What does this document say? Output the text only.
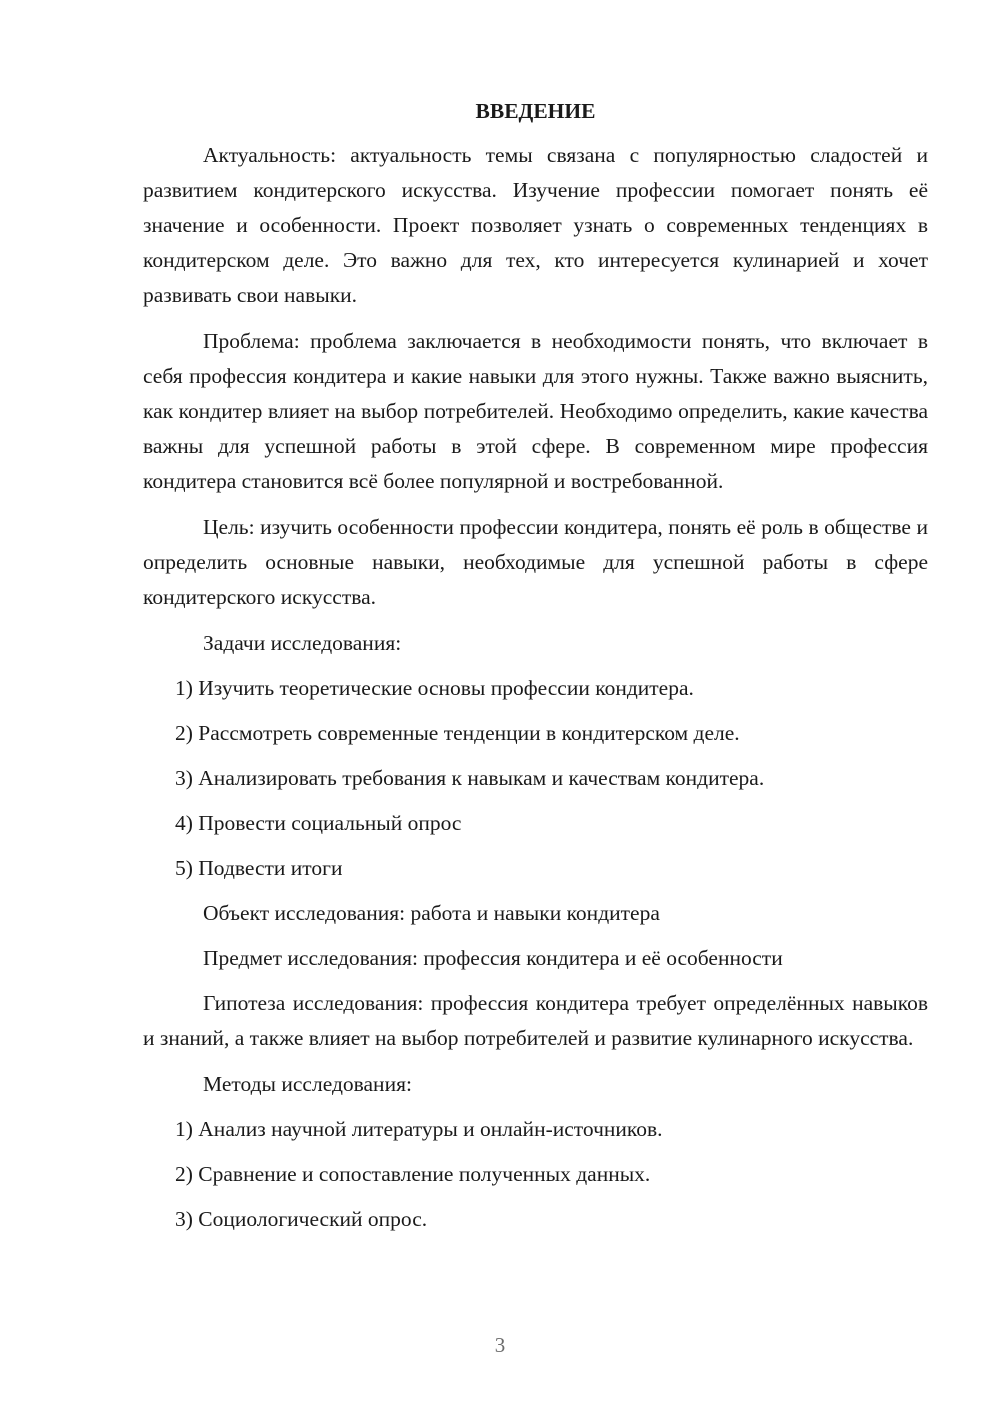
ВВЕДЕНИЕ

Актуальность: актуальность темы связана с популярностью сладостей и развитием кондитерского искусства. Изучение профессии помогает понять её значение и особенности. Проект позволяет узнать о современных тенденциях в кондитерском деле. Это важно для тех, кто интересуется кулинарией и хочет развивать свои навыки.

Проблема: проблема заключается в необходимости понять, что включает в себя профессия кондитера и какие навыки для этого нужны. Также важно выяснить, как кондитер влияет на выбор потребителей. Необходимо определить, какие качества важны для успешной работы в этой сфере. В современном мире профессия кондитера становится всё более популярной и востребованной.

Цель: изучить особенности профессии кондитера, понять её роль в обществе и определить основные навыки, необходимые для успешной работы в сфере кондитерского искусства.

Задачи исследования:

1) Изучить теоретические основы профессии кондитера.
2) Рассмотреть современные тенденции в кондитерском деле.
3) Анализировать требования к навыкам и качествам кондитера.
4) Провести социальный опрос
5) Подвести итоги

Объект исследования: работа и навыки кондитера

Предмет исследования: профессия кондитера и её особенности

Гипотеза исследования: профессия кондитера требует определённых навыков и знаний, а также влияет на выбор потребителей и развитие кулинарного искусства.

Методы исследования:

1) Анализ научной литературы и онлайн-источников.
2) Сравнение и сопоставление полученных данных.
3) Социологический опрос.
3
